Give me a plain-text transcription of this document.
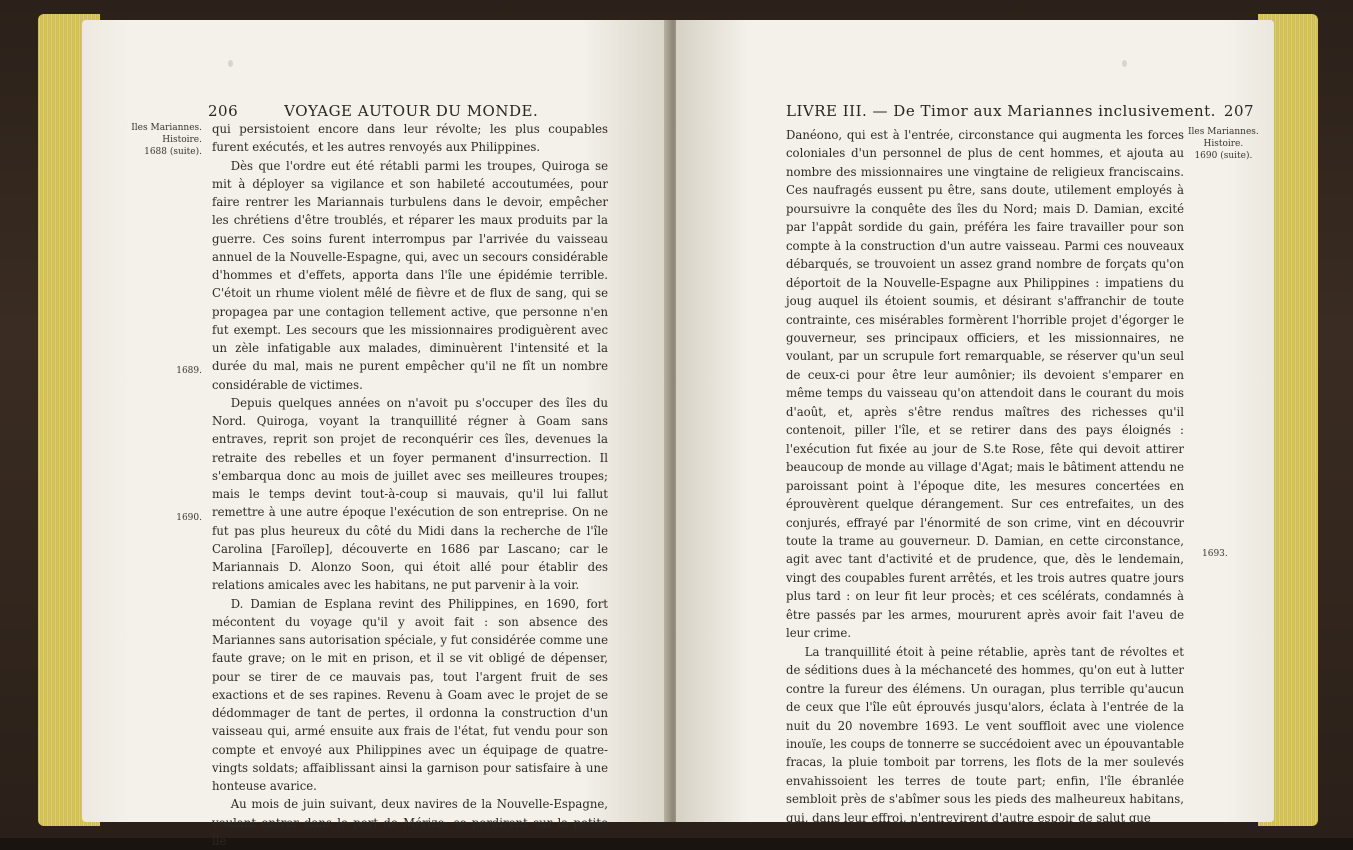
206	VOYAGE AUTOUR DU MONDE.
Iles Mariannes.
Histoire.
1688 (suite).
1689.
1690.

qui persistoient encore dans leur révolte; les plus coupables furent exécutés, et les autres renvoyés aux Philippines.

Dès que l'ordre eut été rétabli parmi les troupes, Quiroga se mit à déployer sa vigilance et son habileté accoutumées, pour faire rentrer les Mariannais turbulens dans le devoir, empêcher les chrétiens d'être troublés, et réparer les maux produits par la guerre. Ces soins furent interrompus par l'arrivée du vaisseau annuel de la Nouvelle-Espagne, qui, avec un secours considérable d'hommes et d'effets, apporta dans l'île une épidémie terrible. C'étoit un rhume violent mêlé de fièvre et de flux de sang, qui se propagea par une contagion tellement active, que personne n'en fut exempt. Les secours que les missionnaires prodiguèrent avec un zèle infatigable aux malades, diminuèrent l'intensité et la durée du mal, mais ne purent empêcher qu'il ne fît un nombre considérable de victimes.

Depuis quelques années on n'avoit pu s'occuper des îles du Nord. Quiroga, voyant la tranquillité régner à Goam sans entraves, reprit son projet de reconquérir ces îles, devenues la retraite des rebelles et un foyer permanent d'insurrection. Il s'embarqua donc au mois de juillet avec ses meilleures troupes; mais le temps devint tout-à-coup si mauvais, qu'il lui fallut remettre à une autre époque l'exécution de son entreprise. On ne fut pas plus heureux du côté du Midi dans la recherche de l'île Carolina [Faroïlep], découverte en 1686 par Lascano; car le Mariannais D. Alonzo Soon, qui étoit allé pour établir des relations amicales avec les habitans, ne put parvenir à la voir.

D. Damian de Esplana revint des Philippines, en 1690, fort mécontent du voyage qu'il y avoit fait : son absence des Mariannes sans autorisation spéciale, y fut considérée comme une faute grave; on le mit en prison, et il se vit obligé de dépenser, pour se tirer de ce mauvais pas, tout l'argent fruit de ses exactions et de ses rapines. Revenu à Goam avec le projet de se dédommager de tant de pertes, il ordonna la construction d'un vaisseau qui, armé ensuite aux frais de l'état, fut vendu pour son compte et envoyé aux Philippines avec un équipage de quatre-vingts soldats; affaiblissant ainsi la garnison pour satisfaire à une honteuse avarice.

Au mois de juin suivant, deux navires de la Nouvelle-Espagne, voulant entrer dans le port de Mérizo, se perdirent sur la petite île

LIVRE III. — De Timor aux Mariannes inclusivement. 207
Iles Mariannes.
Histoire.
1690 (suite).
1693.

Danéono, qui est à l'entrée, circonstance qui augmenta les forces coloniales d'un personnel de plus de cent hommes, et ajouta au nombre des missionnaires une vingtaine de religieux franciscains. Ces naufragés eussent pu être, sans doute, utilement employés à poursuivre la conquête des îles du Nord; mais D. Damian, excité par l'appât sordide du gain, préféra les faire travailler pour son compte à la construction d'un autre vaisseau. Parmi ces nouveaux débarqués, se trouvoient un assez grand nombre de forçats qu'on déportoit de la Nouvelle-Espagne aux Philippines : impatiens du joug auquel ils étoient soumis, et désirant s'affranchir de toute contrainte, ces misérables formèrent l'horrible projet d'égorger le gouverneur, ses principaux officiers, et les missionnaires, ne voulant, par un scrupule fort remarquable, se réserver qu'un seul de ceux-ci pour être leur aumônier; ils devoient s'emparer en même temps du vaisseau qu'on attendoit dans le courant du mois d'août, et, après s'être rendus maîtres des richesses qu'il contenoit, piller l'île, et se retirer dans des pays éloignés : l'exécution fut fixée au jour de S.te Rose, fête qui devoit attirer beaucoup de monde au village d'Agat; mais le bâtiment attendu ne paroissant point à l'époque dite, les mesures concertées en éprouvèrent quelque dérangement. Sur ces entrefaites, un des conjurés, effrayé par l'énormité de son crime, vint en découvrir toute la trame au gouverneur. D. Damian, en cette circonstance, agit avec tant d'activité et de prudence, que, dès le lendemain, vingt des coupables furent arrêtés, et les trois autres quatre jours plus tard : on leur fit leur procès; et ces scélérats, condamnés à être passés par les armes, moururent après avoir fait l'aveu de leur crime.

La tranquillité étoit à peine rétablie, après tant de révoltes et de séditions dues à la méchanceté des hommes, qu'on eut à lutter contre la fureur des élémens. Un ouragan, plus terrible qu'aucun de ceux que l'île eût éprouvés jusqu'alors, éclata à l'entrée de la nuit du 20 novembre 1693. Le vent souffloit avec une violence inouïe, les coups de tonnerre se succédoient avec un épouvantable fracas, la pluie tomboit par torrens, les flots de la mer soulevés envahissoient les terres de toute part; enfin, l'île ébranlée sembloit près de s'abîmer sous les pieds des malheureux habitans, qui, dans leur effroi, n'entrevirent d'autre espoir de salut que
